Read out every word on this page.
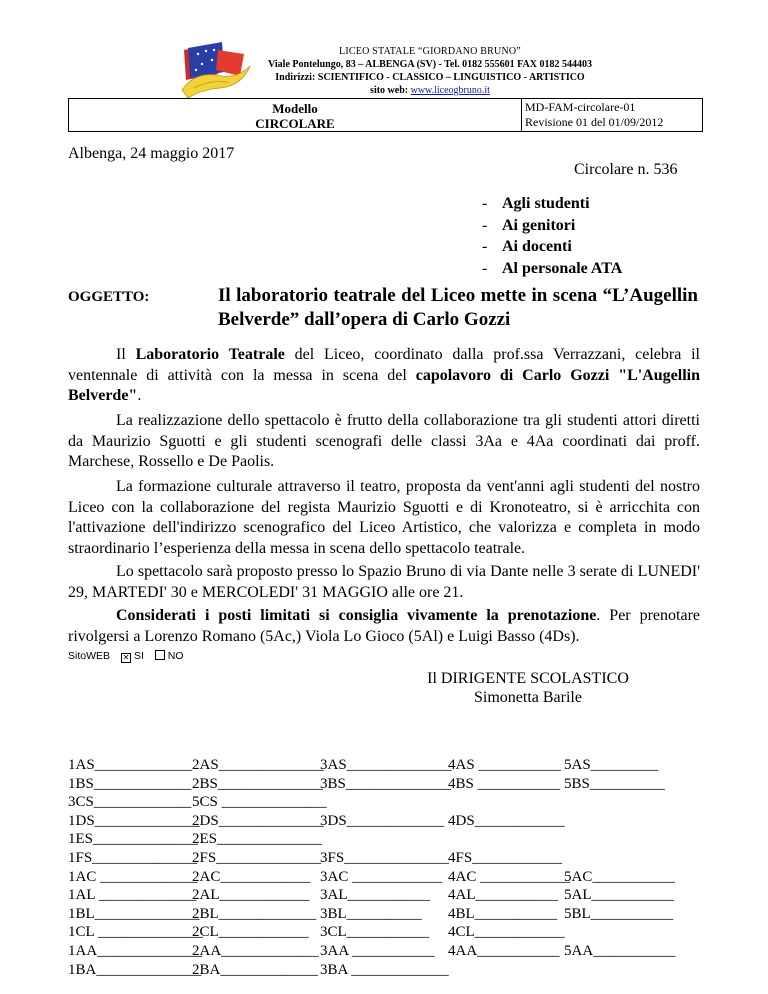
LICEO STATALE “GIORDANO BRUNO”
Viale Pontelungo, 83 – ALBENGA (SV) - Tel. 0182 555601 FAX 0182 544403
Indirizzi: SCIENTIFICO - CLASSICO – LINGUISTICO - ARTISTICO
sito web: www.liceogbruno.it
Modello
CIRCOLARE
MD-FAM-circolare-01
Revisione 01 del 01/09/2012
Albenga, 24 maggio 2017
Circolare n. 536
- Agli studenti
- Ai genitori
- Ai docenti
- Al personale ATA
OGGETTO:	Il laboratorio teatrale del Liceo mette in scena “L’Augellin Belverde” dall’opera di Carlo Gozzi
Il Laboratorio Teatrale del Liceo, coordinato dalla prof.ssa Verrazzani, celebra il ventennale di attività con la messa in scena del capolavoro di Carlo Gozzi "L'Augellin Belverde".
La realizzazione dello spettacolo è frutto della collaborazione tra gli studenti attori diretti da Maurizio Sguotti e gli studenti scenografi delle classi 3Aa e 4Aa coordinati dai proff. Marchese, Rossello e De Paolis.
La formazione culturale attraverso il teatro, proposta da vent'anni agli studenti del nostro Liceo con la collaborazione del regista Maurizio Sguotti e di Kronoteatro, si è arricchita con l'attivazione dell'indirizzo scenografico del Liceo Artistico, che valorizza e completa in modo straordinario l’esperienza della messa in scena dello spettacolo teatrale.
Lo spettacolo sarà proposto presso lo Spazio Bruno di via Dante nelle 3 serate di LUNEDI' 29, MARTEDI' 30 e MERCOLEDI' 31 MAGGIO alle ore 21.
Considerati i posti limitati si consiglia vivamente la prenotazione. Per prenotare rivolgersi a Lorenzo Romano (5Ac,) Viola Lo Gioco (5Al) e Luigi Basso (4Ds).
SitoWEB ✕ SI NO
Il DIRIGENTE SCOLASTICO
Simonetta Barile
1AS_____________ 2AS______________
3AS______________
4AS ___________ 5AS_________
1BS_____________ 2BS______________
3BS______________
4BS ___________ 5BS__________
3CS_____________ 5CS ______________
1DS______________
2DS______________
3DS_____________ 4DS____________
1ES______________
2ES______________
1FS______________
2FS______________
3FS______________
4FS____________
1AC _____________
2AC____________ 3AC ____________ 4AC ____________
5AC___________
1AL _____________
2AL____________ 3AL___________ 4AL___________ 5AL___________
1BL______________
2BL_____________ 3BL__________ 4BL___________ 5BL___________
1CL ______________
2CL____________ 3CL___________ 4CL____________
1AA______________
2AA_____________ 3AA ___________ 4AA___________ 5AA___________
1BA______________
2BA_____________ 3BA _____________
